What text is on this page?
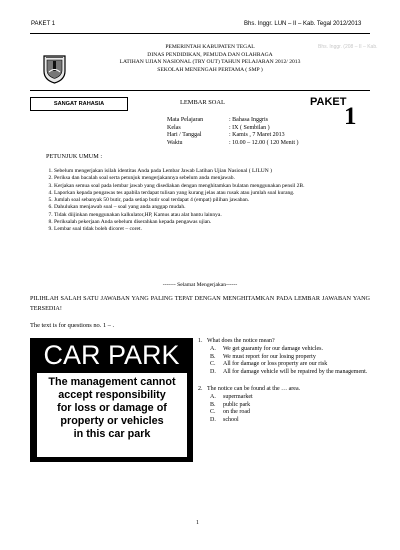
PAKET 1	Bhs. Inggr. LUN – II – Kab. Tegal 2012/2013
PEMERINTAH KABUPATEN TEGAL
DINAS PENDIDIKAN, PEMUDA DAN OLAHRAGA
LATIHAN UJIAN NASIONAL (TRY OUT) TAHUN PELAJARAN 2012/ 2013
SEKOLAH MENENGAH PERTAMA ( SMP )
Bhs. Inggr. (208 – II – Kab.
SANGAT RAHASIA	LEMBAR SOAL	PAKET
1
Mata Pelajaran	: Bahasa Inggris
Kelas	: IX ( Sembilan )
Hari / Tanggal	: Kamis , 7 Maret 2013
Waktu	: 10.00 – 12.00 ( 120 Menit )
PETUNJUK UMUM :
1. Sebelum mengerjakan isilah identitas Anda pada Lembar Jawab Latihan Ujian Nasional ( LJLUN )
2. Periksa dan bacalah soal serta petunjuk mengerjakannya sebelum anda menjawab.
3. Kerjakan semua soal pada lembar jawab yang disediakan dengan menghitamkan bulatan menggunakan pensil 2B.
4. Laporkan kepada pengawas tes apabila terdapat tulisan yang kurang jelas atau rusak atau jumlah soal kurang.
5. Jumlah soal sebanyak 50 butir, pada setiap butir soal terdapat 4 (empat) pilihan jawaban.
6. Dahulukan menjawab soal – soal yang anda anggap mudah.
7. Tidak diijinkan menggunakan kalkulator,HP, Kamus atau alat bantu lainnya.
8. Periksalah pekerjaan Anda sebelum diserahkan kepada pengawas ujian.
9. Lembar soal tidak boleh dicoret – coret.
------- Selamat Mengerjakan------
PILIHLAH SALAH SATU JAWABAN YANG PALING TEPAT DENGAN MENGHITAMKAN PADA LEMBAR JAWABAN YANG TERSEDIA!
The text is for questions no. 1 – .
CAR PARK
The management cannot
accept responsibility
for loss or damage of
property or vehicles
in this car park
1. What does the notice mean?
A.	We get guaranty for our damage vehicles.
B.	We must report for our losing property
C.	All for damage or loss property are our risk
D.	All for damage vehicle will be repaired by the management.
2. The notice can be found at the … area.
A.	supermarket
B.	public park
C.	on the road
D.	school
1
